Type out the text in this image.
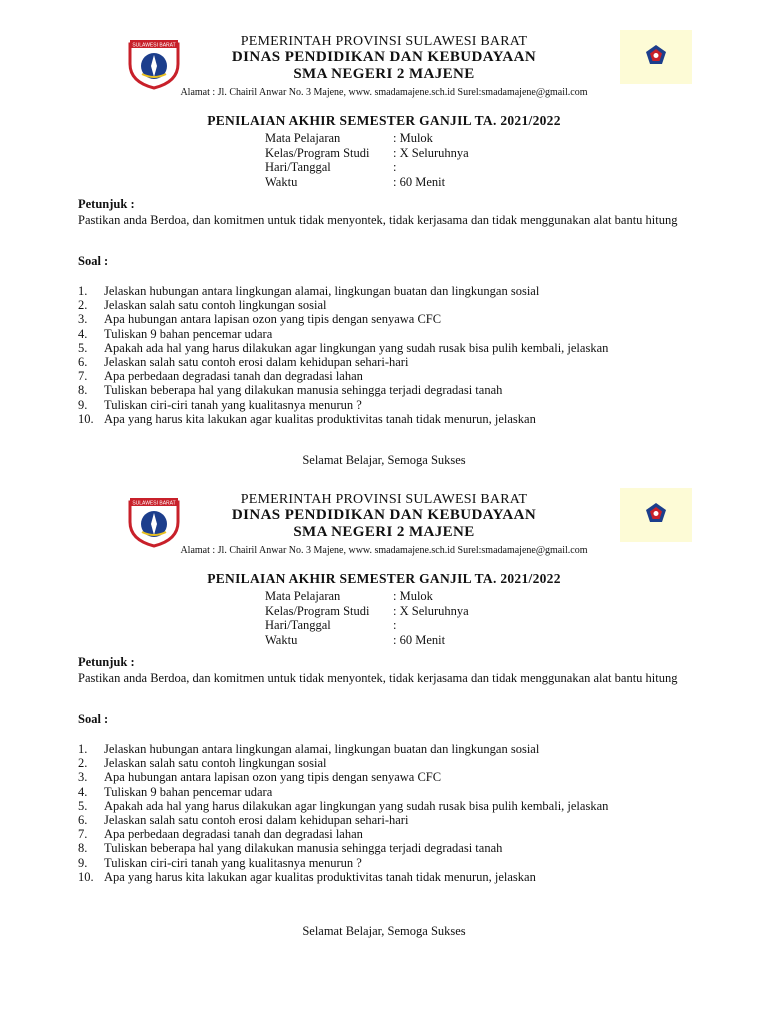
SULAWESI BARAT	PEMERINTAH PROVINSI SULAWESI BARAT
DINAS PENDIDIKAN DAN KEBUDAYAAN
SMA NEGERI 2 MAJENE
Alamat : Jl. Chairil Anwar No. 3 Majene, www. smadamajene.sch.id Surel:smadamajene@gmail.com
PENILAIAN AKHIR SEMESTER GANJIL TA. 2021/2022
Mata Pelajaran	: Mulok
Kelas/Program Studi : X Seluruhnya
Hari/Tanggal	:
Waktu	: 60 Menit
Petunjuk :
Pastikan anda Berdoa, dan komitmen untuk tidak menyontek, tidak kerjasama dan tidak menggunakan alat bantu hitung
Soal :
1.	Jelaskan hubungan antara lingkungan alamai, lingkungan buatan dan lingkungan sosial
2.	Jelaskan salah satu contoh lingkungan sosial
3.	Apa hubungan antara lapisan ozon yang tipis dengan senyawa CFC
4.	Tuliskan 9 bahan pencemar udara
5.	Apakah ada hal yang harus dilakukan agar lingkungan yang sudah rusak bisa pulih kembali, jelaskan
6.	Jelaskan salah satu contoh erosi dalam kehidupan sehari-hari
7.	Apa perbedaan degradasi tanah dan degradasi lahan
8.	Tuliskan beberapa hal yang dilakukan manusia sehingga terjadi degradasi tanah
9.	Tuliskan ciri-ciri tanah yang kualitasnya menurun ?
10. Apa yang harus kita lakukan agar kualitas produktivitas tanah tidak menurun, jelaskan
Selamat Belajar, Semoga Sukses
SULAWESI BARAT	PEMERINTAH PROVINSI SULAWESI BARAT
DINAS PENDIDIKAN DAN KEBUDAYAAN
SMA NEGERI 2 MAJENE
Alamat : Jl. Chairil Anwar No. 3 Majene, www. smadamajene.sch.id Surel:smadamajene@gmail.com
PENILAIAN AKHIR SEMESTER GANJIL TA. 2021/2022
Mata Pelajaran	: Mulok
Kelas/Program Studi : X Seluruhnya
Hari/Tanggal	:
Waktu	: 60 Menit
Petunjuk :
Pastikan anda Berdoa, dan komitmen untuk tidak menyontek, tidak kerjasama dan tidak menggunakan alat bantu hitung
Soal :
1.	Jelaskan hubungan antara lingkungan alamai, lingkungan buatan dan lingkungan sosial
2.	Jelaskan salah satu contoh lingkungan sosial
3.	Apa hubungan antara lapisan ozon yang tipis dengan senyawa CFC
4.	Tuliskan 9 bahan pencemar udara
5.	Apakah ada hal yang harus dilakukan agar lingkungan yang sudah rusak bisa pulih kembali, jelaskan
6.	Jelaskan salah satu contoh erosi dalam kehidupan sehari-hari
7.	Apa perbedaan degradasi tanah dan degradasi lahan
8.	Tuliskan beberapa hal yang dilakukan manusia sehingga terjadi degradasi tanah
9.	Tuliskan ciri-ciri tanah yang kualitasnya menurun ?
10. Apa yang harus kita lakukan agar kualitas produktivitas tanah tidak menurun, jelaskan
Selamat Belajar, Semoga Sukses
